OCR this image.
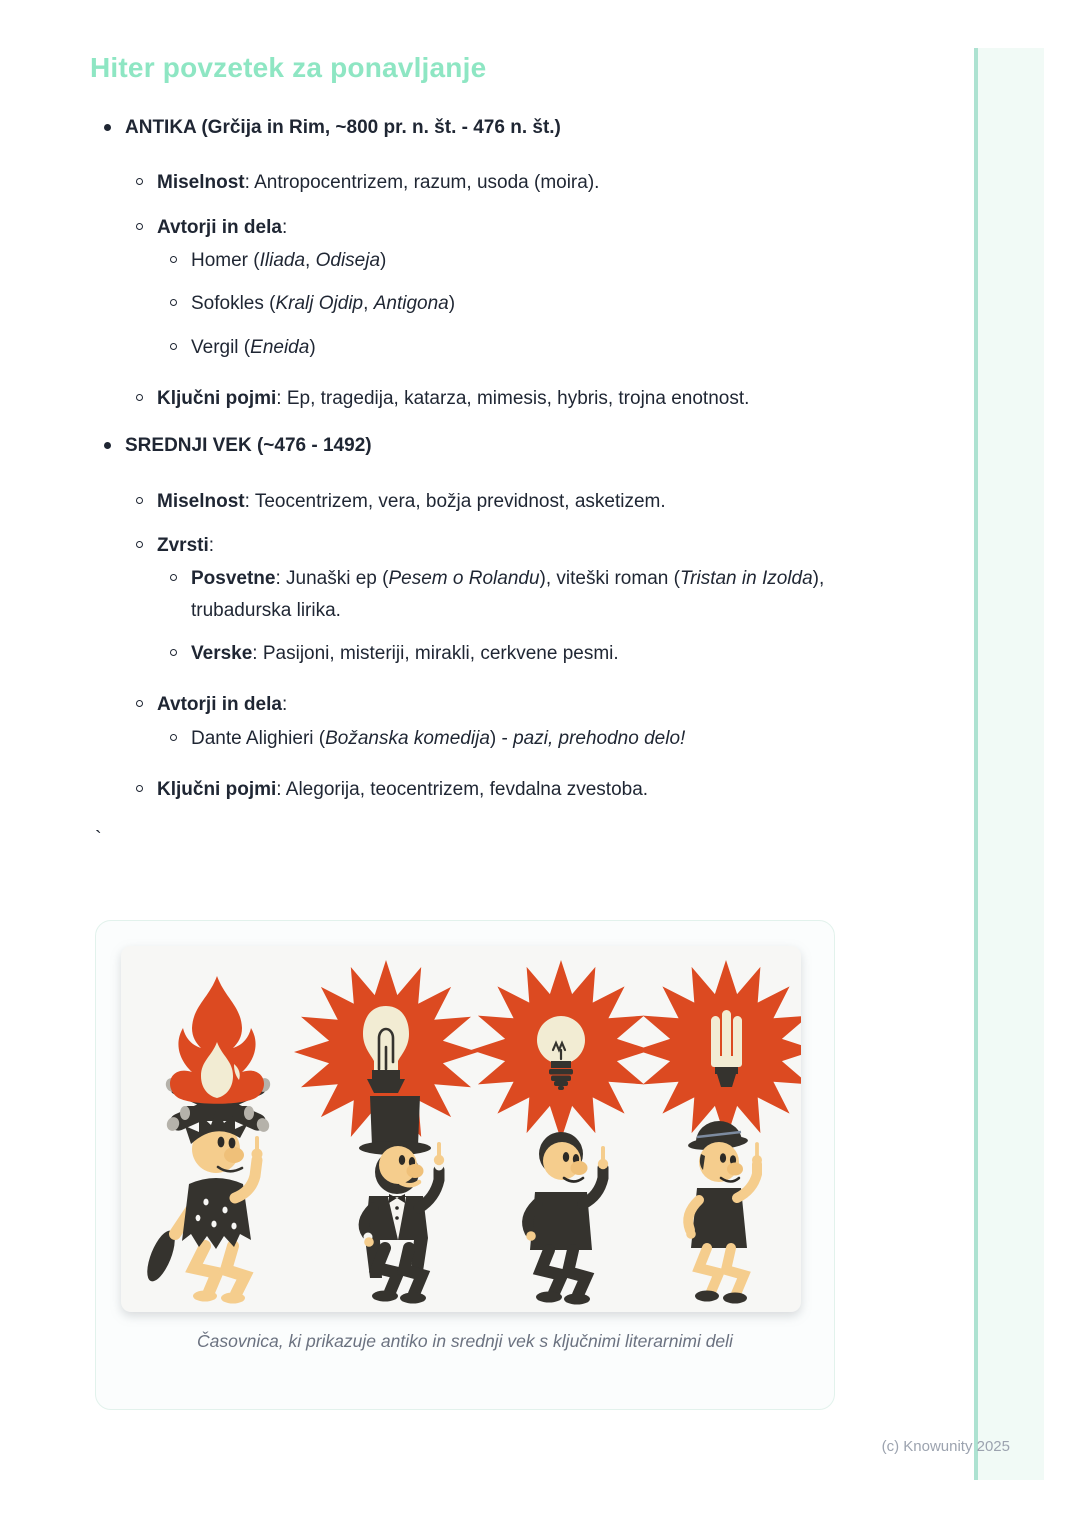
Hiter povzetek za ponavljanje
ANTIKA (Grčija in Rim, ~800 pr. n. št. - 476 n. št.)
Miselnost: Antropocentrizem, razum, usoda (moira).
Avtorji in dela:
Homer (Iliada, Odiseja)
Sofokles (Kralj Ojdip, Antigona)
Vergil (Eneida)
Ključni pojmi: Ep, tragedija, katarza, mimesis, hybris, trojna enotnost.
SREDNJI VEK (~476 - 1492)
Miselnost: Teocentrizem, vera, božja previdnost, asketizem.
Zvrsti:
Posvetne: Junaški ep (Pesem o Rolandu), viteški roman (Tristan in Izolda), trubadurska lirika.
Verske: Pasijoni, misteriji, mirakli, cerkvene pesmi.
Avtorji in dela:
Dante Alighieri (Božanska komedija) - pazi, prehodno delo!
Ključni pojmi: Alegorija, teocentrizem, fevdalna zvestoba.
`
Časovnica, ki prikazuje antiko in srednji vek s ključnimi literarnimi deli
(c) Knowunity 2025
